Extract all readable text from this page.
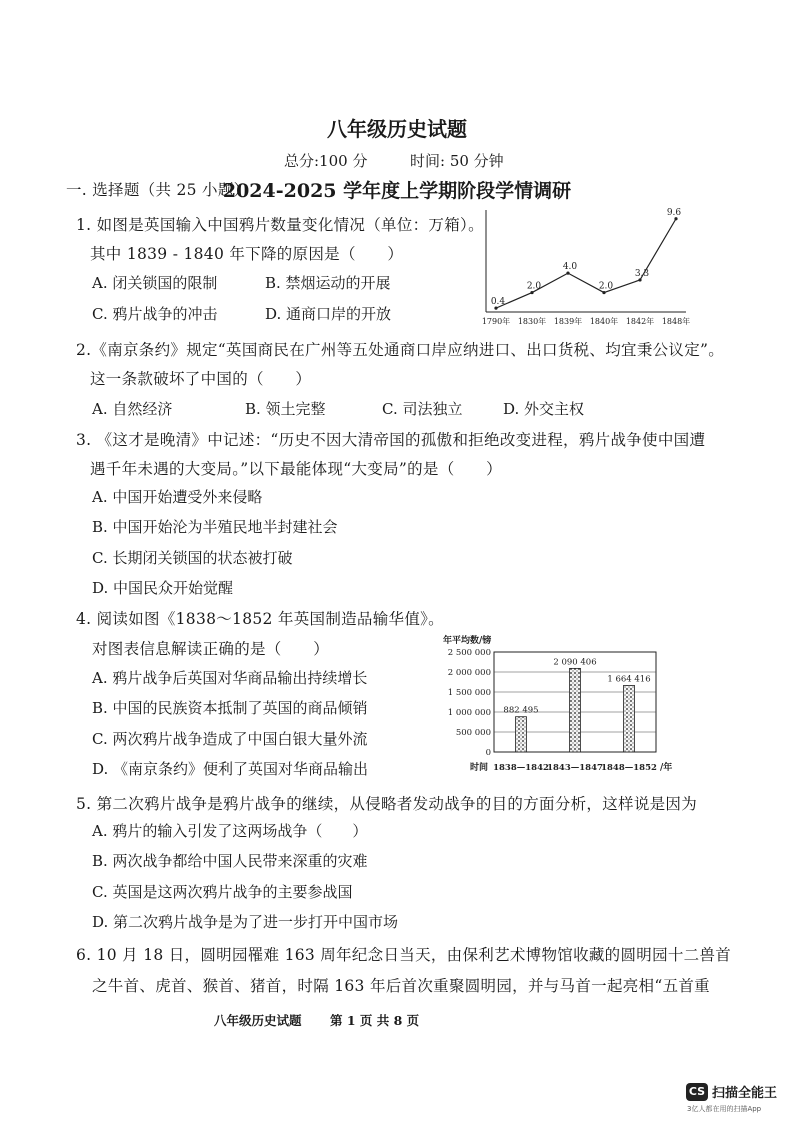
2024-2025 学年度上学期阶段学情调研
八年级历史试题
总分:100 分	时间: 50 分钟
一. 选择题（共 25 小题）
1. 如图是英国输入中国鸦片数量变化情况（单位：万箱）。
其中 1839 - 1840 年下降的原因是（　　）
A. 闭关锁国的限制	B. 禁烟运动的开展
C. 鸦片战争的冲击	D. 通商口岸的开放
0.4
2.0
4.0
2.0
3.3
9.6
1790年 1830年 1839年 1840年 1842年 1848年
2.《南京条约》规定“英国商民在广州等五处通商口岸应纳进口、出口货税、均宜秉公议定”。
这一条款破坏了中国的（　　）
A. 自然经济	B. 领土完整	C. 司法独立	D. 外交主权
3. 《这才是晚清》中记述：“历史不因大清帝国的孤傲和拒绝改变进程，鸦片战争使中国遭
遇千年未遇的大变局。”以下最能体现“大变局”的是（　　）
A. 中国开始遭受外来侵略
B. 中国开始沦为半殖民地半封建社会
C. 长期闭关锁国的状态被打破
D. 中国民众开始觉醒
4. 阅读如图《1838～1852 年英国制造品输华值》。
对图表信息解读正确的是（　　）
A. 鸦片战争后英国对华商品输出持续增长
B. 中国的民族资本抵制了英国的商品倾销
C. 两次鸦片战争造成了中国白银大量外流
D. 《南京条约》便利了英国对华商品输出
年平均数/镑
0
500 000
1 000 000
1 500 000
2 000 000
2 500 000
882 495
2 090 406
1 664 416
1838—1842
1843—1847
1848—1852
时间	/年
5. 第二次鸦片战争是鸦片战争的继续，从侵略者发动战争的目的方面分析，这样说是因为
A. 鸦片的输入引发了这两场战争（　　）
B. 两次战争都给中国人民带来深重的灾难
C. 英国是这两次鸦片战争的主要参战国
D. 第二次鸦片战争是为了进一步打开中国市场
6. 10 月 18 日，圆明园罹难 163 周年纪念日当天，由保利艺术博物馆收藏的圆明园十二兽首
之牛首、虎首、猴首、猪首，时隔 163 年后首次重聚圆明园，并与马首一起亮相“五首重
八年级历史试题 第 1 页 共 8 页
CS 扫描全能王
3亿人都在用的扫描App
